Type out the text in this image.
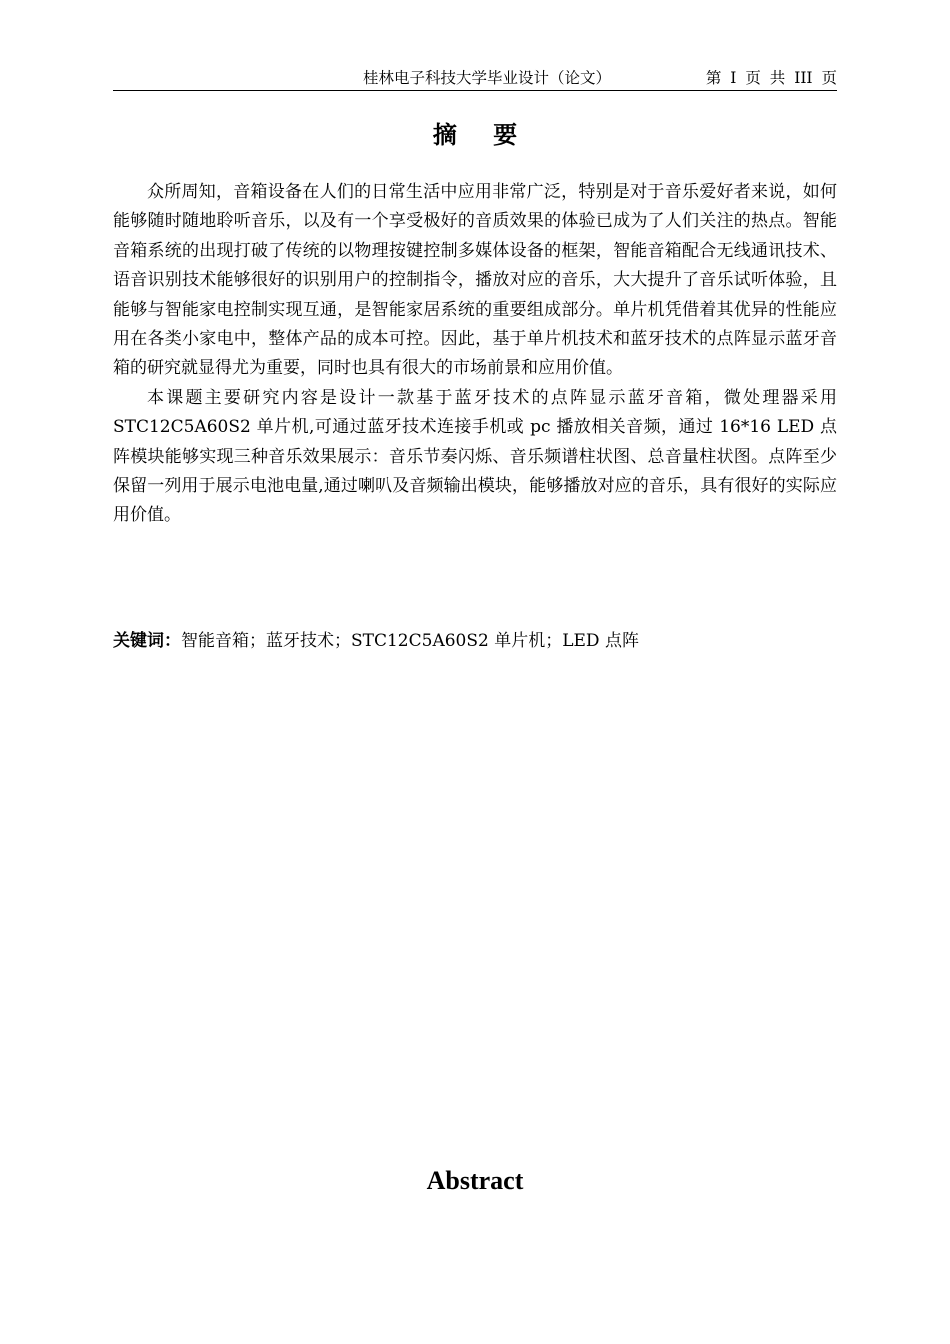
桂林电子科技大学毕业设计（论文）	第 I 页 共 III 页
摘 要

众所周知，音箱设备在人们的日常生活中应用非常广泛，特别是对于音乐爱好者来说，如何能够随时随地聆听音乐，以及有一个享受极好的音质效果的体验已成为了人们关注的热点。智能音箱系统的出现打破了传统的以物理按键控制多媒体设备的框架，智能音箱配合无线通讯技术、语音识别技术能够很好的识别用户的控制指令，播放对应的音乐，大大提升了音乐试听体验，且能够与智能家电控制实现互通，是智能家居系统的重要组成部分。单片机凭借着其优异的性能应用在各类小家电中，整体产品的成本可控。因此，基于单片机技术和蓝牙技术的点阵显示蓝牙音箱的研究就显得尤为重要，同时也具有很大的市场前景和应用价值。

本课题主要研究内容是设计一款基于蓝牙技术的点阵显示蓝牙音箱，微处理器采用 STC12C5A60S2 单片机,可通过蓝牙技术连接手机或 pc 播放相关音频，通过 16*16 LED 点阵模块能够实现三种音乐效果展示：音乐节奏闪烁、音乐频谱柱状图、总音量柱状图。点阵至少保留一列用于展示电池电量,通过喇叭及音频输出模块，能够播放对应的音乐，具有很好的实际应用价值。

关键词：智能音箱；蓝牙技术；STC12C5A60S2 单片机；LED 点阵
Abstract
